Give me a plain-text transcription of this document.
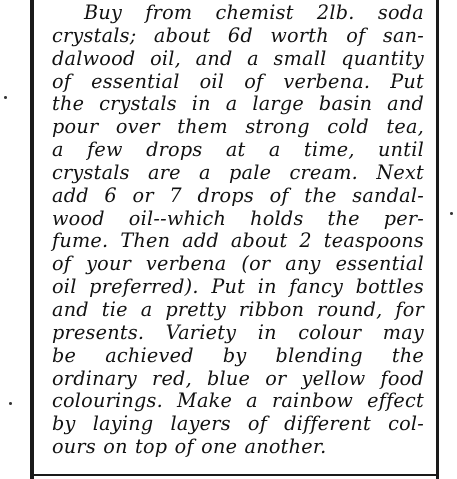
Buy from chemist 2lb. soda
crystals; about 6d worth of san-
dalwood oil, and a small quantity
of essential oil of verbena. Put
the crystals in a large basin and
pour over them strong cold tea,
a few drops at a time, until
crystals are a pale cream. Next
add 6 or 7 drops of the sandal-
wood oil--which holds the per-
fume. Then add about 2 teaspoons
of your verbena (or any essential
oil preferred). Put in fancy bottles
and tie a pretty ribbon round, for
presents. Variety in colour may
be achieved by blending the
ordinary red, blue or yellow food
colourings. Make a rainbow effect
by laying layers of different col-
ours on top of one another.
